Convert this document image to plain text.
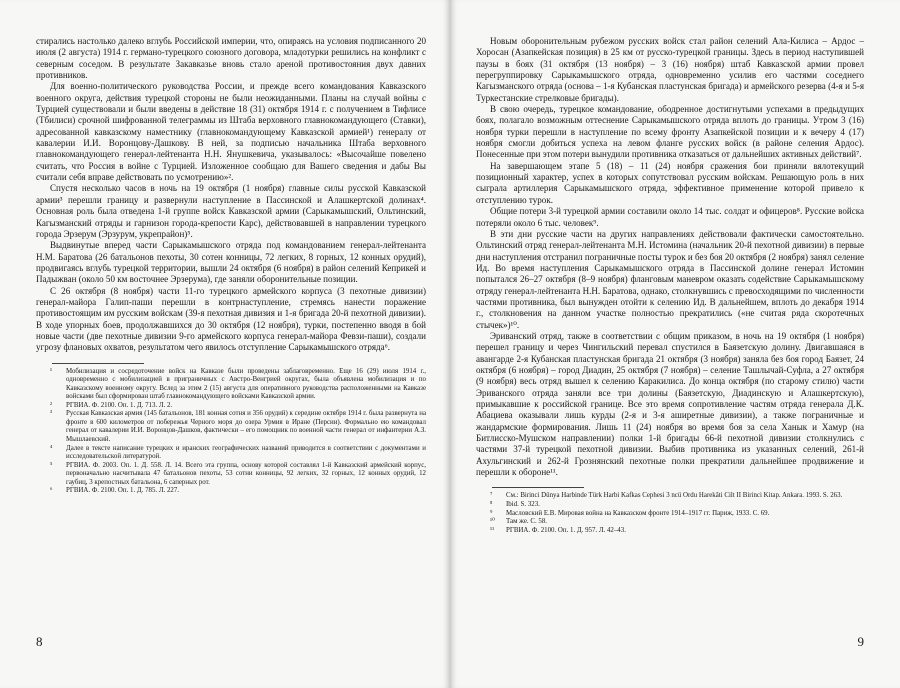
стирались настолько далеко вглубь Российской империи, что, опираясь на условия подписанного 20 июля (2 августа) 1914 г. германо-турецкого союзного договора, младотурки решились на конфликт с северным соседом. В результате Закавказье вновь стало ареной противостояния двух давних противников.

Для военно-политического руководства России, и прежде всего командования Кавказского военного округа, действия турецкой стороны не были неожиданными. Планы на случай войны с Турцией существовали и были введены в действие 18 (31) октября 1914 г. с получением в Тифлисе (Тбилиси) срочной шифрованной телеграммы из Штаба верховного главнокомандующего (Ставки), адресованной кавказскому наместнику (главнокомандующему Кавказской армией¹) генералу от кавалерии И.И. Воронцову-Дашкову. В ней, за подписью начальника Штаба верховного главнокомандующего генерал-лейтенанта Н.Н. Янушкевича, указывалось: «Высочайше повелено считать, что Россия в войне с Турцией. Изложенное сообщаю для Вашего сведения и дабы Вы считали себя вправе действовать по усмотрению»².

Спустя несколько часов в ночь на 19 октября (1 ноября) главные силы русской Кавказской армии³ перешли границу и развернули наступление в Пассинской и Алашкертской долинах⁴. Основная роль была отведена 1-й группе войск Кавказской армии (Сарыкамышский, Ольтинский, Кагызманский отряды и гарнизон города-крепости Карс), действовавшей в направлении турецкого города Эрзерум (Эрзурум, укрепрайон)⁵.

Выдвинутые вперед части Сарыкамышского отряда под командованием генерал-лейтенанта Н.М. Баратова (26 батальонов пехоты, 30 сотен конницы, 72 легких, 8 горных, 12 конных орудий), продвигаясь вглубь турецкой территории, вышли 24 октября (6 ноября) в район селений Кеприкей и Падыжван (около 50 км восточнее Эрзерума), где заняли оборонительные позиции.

С 26 октября (8 ноября) части 11-го турецкого армейского корпуса (3 пехотные дивизии) генерал-майора Галип-паши перешли в контрнаступление, стремясь нанести поражение противостоящим им русским войскам (39-я пехотная дивизия и 1-я бригада 20-й пехотной дивизии). В ходе упорных боев, продолжавшихся до 30 октября (12 ноября), турки, постепенно вводя в бой новые части (две пехотные дивизии 9-го армейского корпуса генерал-майора Февзи-паши), создали угрозу флановых охватов, результатом чего явилось отступление Сарыкамышского отряда⁶.

¹ Мобилизация и сосредоточение войск на Кавказе были проведены заблаговременно. Еще 16 (29) июля 1914 г., одновременно с мобилизацией в приграничных с Австро-Венгрией округах, была объявлена мобилизация и по Кавказскому военному округу. Вслед за этим 2 (15) августа для оперативного руководства расположенными на Кавказе войсками был сформирован штаб главнокомандующего войсками Кавказской армии.
² РГВИА. Ф. 2100. Оп. 1. Д. 713. Л. 2.
³ Русская Кавказская армия (145 батальонов, 181 конная сотня и 356 орудий) к середине октября 1914 г. была развернута на фронте в 600 километров от побережья Черного моря до озера Урмия в Иране (Персии). Формально ею командовал генерал от кавалерии И.И. Воронцов-Дашков, фактически – его помощник по военной части генерал от инфантерии А.З. Мышлаевский.
⁴ Далее в тексте написание турецких и иранских географических названий приводится в соответствии с документами и исследовательской литературой.
⁵ РГВИА. Ф. 2003. Оп. 1. Д. 558. Л. 14. Всего эта группа, основу которой составлял 1-й Кавказский армейский корпус, первоначально насчитывала 47 батальонов пехоты, 53 сотни конницы, 92 легких, 32 горных, 12 конных орудий, 12 гаубиц, 3 крепостных батальона, 6 саперных рот.
⁶ РГВИА. Ф. 2100. Оп. 1. Д. 785. Л. 227.
8

Новым оборонительным рубежом русских войск стал район селений Ала-Килиса – Ардос – Хоросан (Азапкейская позиция) в 25 км от русско-турецкой границы. Здесь в период наступившей паузы в боях (31 октября (13 ноября) – 3 (16) ноября) штаб Кавказской армии провел перегруппировку Сарыкамышского отряда, одновременно усилив его частями соседнего Кагызманского отряда (основа – 1-я Кубанская пластунская бригада) и армейского резерва (4-я и 5-я Туркестанские стрелковые бригады).

В свою очередь, турецкое командование, ободренное достигнутыми успехами в предыдущих боях, полагало возможным оттеснение Сарыкамышского отряда вплоть до границы. Утром 3 (16) ноября турки перешли в наступление по всему фронту Азапкейской позиции и к вечеру 4 (17) ноября смогли добиться успеха на левом фланге русских войск (в районе селения Ардос). Понесенные при этом потери вынудили противника отказаться от дальнейших активных действий⁷.

На завершающем этапе 5 (18) – 11 (24) ноября сражения бои приняли вялотекущий позиционный характер, успех в которых сопутствовал русским войскам. Решающую роль в них сыграла артиллерия Сарыкамышского отряда, эффективное применение которой привело к отступлению турок.

Общие потери 3-й турецкой армии составили около 14 тыс. солдат и офицеров⁸. Русские войска потеряли около 6 тыс. человек⁹.

В эти дни русские части на других направлениях действовали фактически самостоятельно. Ольтинский отряд генерал-лейтенанта М.Н. Истомина (начальник 20-й пехотной дивизии) в первые дни наступления отстранил пограничные посты турок и без боя 20 октября (2 ноября) занял селение Ид. Во время наступления Сарыкамышского отряда в Пассинской долине генерал Истомин попытался 26–27 октября (8–9 ноября) фланговым маневром оказать содействие Сарыкамышскому отряду генерал-лейтенанта Н.Н. Баратова, однако, столкнувшись с превосходящими по численности частями противника, был вынужден отойти к селению Ид. В дальнейшем, вплоть до декабря 1914 г., столкновения на данном участке полностью прекратились («не считая ряда скоротечных стычек»)¹⁰.

Эриванский отряд, также в соответствии с общим приказом, в ночь на 19 октября (1 ноября) перешел границу и через Чингильский перевал спустился в Баязетскую долину. Двигавшаяся в авангарде 2-я Кубанская пластунская бригада 21 октября (3 ноября) заняла без боя город Баязет, 24 октября (6 ноября) – город Диадин, 25 октября (7 ноября) – селение Ташлычай-Суфла, а 27 октября (9 ноября) весь отряд вышел к селению Каракилиса. До конца октября (по старому стилю) части Эриванского отряда заняли все три долины (Баязетскую, Диадинскую и Алашкертскую), примыкавшие к российской границе. Все это время сопротивление частям отряда генерала Д.К. Абациева оказывали лишь курды (2-я и 3-я аширетные дивизии), а также пограничные и жандармские формирования. Лишь 11 (24) ноября во время боя за села Ханык и Хамур (на Битлисско-Мушском направлении) полки 1-й бригады 66-й пехотной дивизии столкнулись с частями 37-й турецкой пехотной дивизии. Выбив противника из указанных селений, 261-й Ахульгинский и 262-й Грознянский пехотные полки прекратили дальнейшее продвижение и перешли к обороне¹¹.

⁷ См.: Birinci Dünya Harbinde Türk Harbi Kafkas Cephesi 3 ncü Ordu Harekâti Cilt II Birinci Kitap. Ankara. 1993. S. 263.
⁸ Ibid. S. 323.
⁹ Масловский Е.В. Мировая война на Кавказском фронте 1914–1917 гг. Париж, 1933. С. 69.
¹⁰ Там же. С. 58.
¹¹ РГВИА. Ф. 2100. Оп. 1. Д. 957. Л. 42–43.
9
